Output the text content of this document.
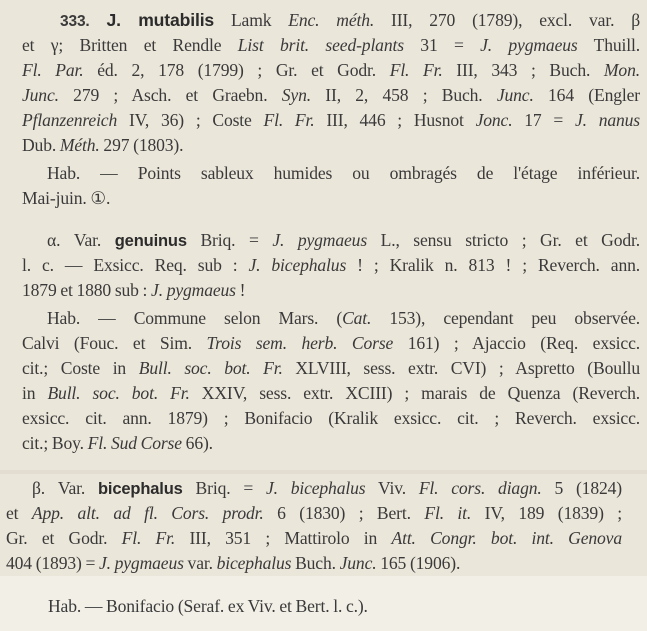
333. J. mutabilis Lamk Enc. méth. III, 270 (1789), excl. var. β
et γ; Britten et Rendle List brit. seed-plants 31 = J. pygmaeus Thuill.
Fl. Par. éd. 2, 178 (1799) ; Gr. et Godr. Fl. Fr. III, 343 ; Buch. Mon.
Junc. 279 ; Asch. et Graebn. Syn. II, 2, 458 ; Buch. Junc. 164 (Engler
Pflanzenreich IV, 36) ; Coste Fl. Fr. III, 446 ; Husnot Jonc. 17 = J. nanus
Dub. Méth. 297 (1803).
Hab. — Points sableux humides ou ombragés de l'étage inférieur.
Mai-juin. ①.
α. Var. genuinus Briq. = J. pygmaeus L., sensu stricto ; Gr. et Godr.
l. c. — Exsicc. Req. sub : J. bicephalus ! ; Kralik n. 813 ! ; Reverch. ann.
1879 et 1880 sub : J. pygmaeus !
Hab. — Commune selon Mars. (Cat. 153), cependant peu observée.
Calvi (Fouc. et Sim. Trois sem. herb. Corse 161) ; Ajaccio (Req. exsicc.
cit.; Coste in Bull. soc. bot. Fr. XLVIII, sess. extr. CVI) ; Aspretto (Boullu
in Bull. soc. bot. Fr. XXIV, sess. extr. XCIII) ; marais de Quenza (Reverch.
exsicc. cit. ann. 1879) ; Bonifacio (Kralik exsicc. cit. ; Reverch. exsicc.
cit.; Boy. Fl. Sud Corse 66).
β. Var. bicephalus Briq. = J. bicephalus Viv. Fl. cors. diagn. 5 (1824)
et App. alt. ad fl. Cors. prodr. 6 (1830) ; Bert. Fl. it. IV, 189 (1839) ;
Gr. et Godr. Fl. Fr. III, 351 ; Mattirolo in Att. Congr. bot. int. Genova
404 (1893) = J. pygmaeus var. bicephalus Buch. Junc. 165 (1906).
Hab. — Bonifacio (Seraf. ex Viv. et Bert. l. c.).
